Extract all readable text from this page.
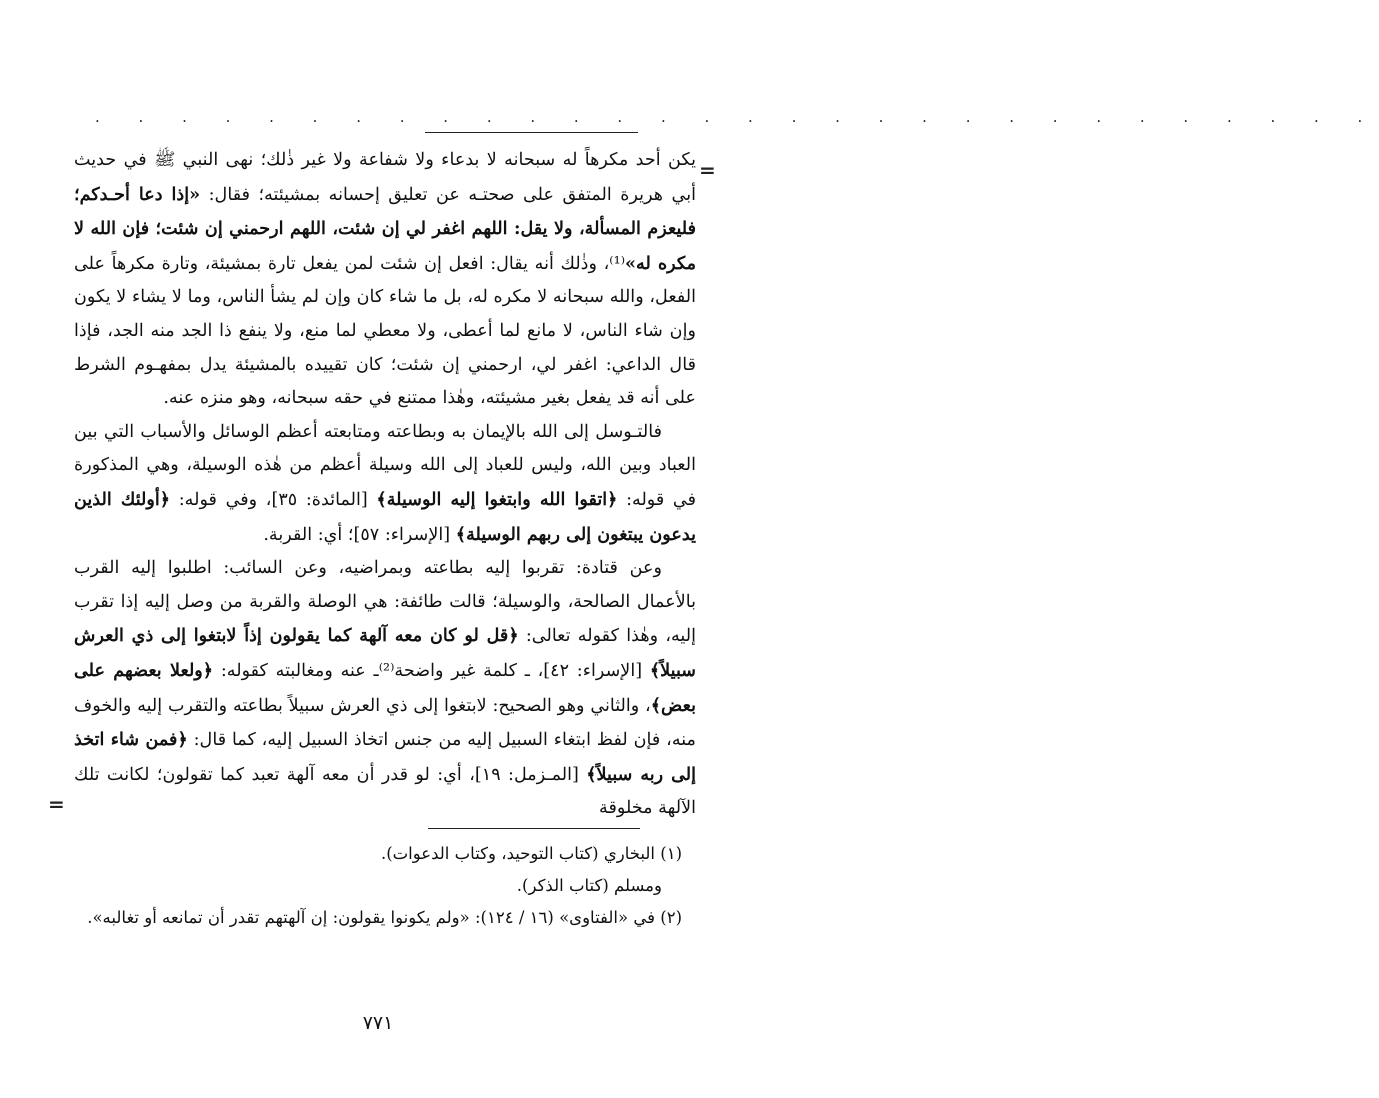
. . . . . . . . . . . . . . . . . . . . . . . . . . . . . .
=

يكن أحد مكرهاً له سبحانه لا بدعاء ولا شفاعة ولا غير ذٰلك؛ نهى النبي ﷺ في حديث أبي هريرة المتفق على صحتـه عن تعليق إحسانه بمشيئته؛ فقال: «إذا دعا أحـدكم؛ فليعزم المسألة، ولا يقل: اللهم اغفر لي إن شئت، اللهم ارحمني إن شئت؛ فإن الله لا مكره له»⁽¹⁾، وذٰلك أنه يقال: افعل إن شئت لمن يفعل تارة بمشيئة، وتارة مكرهاً على الفعل، والله سبحانه لا مكره له، بل ما شاء كان وإن لم يشأ الناس، وما لا يشاء لا يكون وإن شاء الناس، لا مانع لما أعطى، ولا معطي لما منع، ولا ينفع ذا الجد منه الجد، فإذا قال الداعي: اغفر لي، ارحمني إن شئت؛ كان تقييده بالمشيئة يدل بمفهـوم الشرط على أنه قد يفعل بغير مشيئته، وهٰذا ممتنع في حقه سبحانه، وهو منزه عنه.

فالتـوسل إلى الله بالإيمان به وبطاعته ومتابعته أعظم الوسائل والأسباب التي بين العباد وبين الله، وليس للعباد إلى الله وسيلة أعظم من هٰذه الوسيلة، وهي المذكورة في قوله: ﴿اتقوا الله وابتغوا إليه الوسيلة﴾ [المائدة: ٣٥]، وفي قوله: ﴿أولئك الذين يدعون يبتغون إلى ربهم الوسيلة﴾ [الإسراء: ٥٧]؛ أي: القربة.

وعن قتادة: تقربوا إليه بطاعته وبمراضيه، وعن السائب: اطلبوا إليه القرب بالأعمال الصالحة، والوسيلة؛ قالت طائفة: هي الوصلة والقربة من وصل إليه إذا تقرب إليه، وهٰذا كقوله تعالى: ﴿قل لو كان معه آلهة كما يقولون إذاً لابتغوا إلى ذي العرش سبيلاً﴾ [الإسراء: ٤٢]، ـ كلمة غير واضحة⁽²⁾ـ عنه ومغالبته كقوله: ﴿ولعلا بعضهم على بعض﴾، والثاني وهو الصحيح: لابتغوا إلى ذي العرش سبيلاً بطاعته والتقرب إليه والخوف منه، فإن لفظ ابتغاء السبيل إليه من جنس اتخاذ السبيل إليه، كما قال: ﴿فمن شاء اتخذ إلى ربه سبيلاً﴾ [المـزمل: ١٩]، أي: لو قدر أن معه آلهة تعبد كما تقولون؛ لكانت تلك الآلهة مخلوقة

=

(١) البخاري (كتاب التوحيد، وكتاب الدعوات).

ومسلم (كتاب الذكر).

(٢) في «الفتاوى» (١٦ / ١٢٤): «ولم يكونوا يقولون: إن آلهتهم تقدر أن تمانعه أو تغالبه».

٧٧١
